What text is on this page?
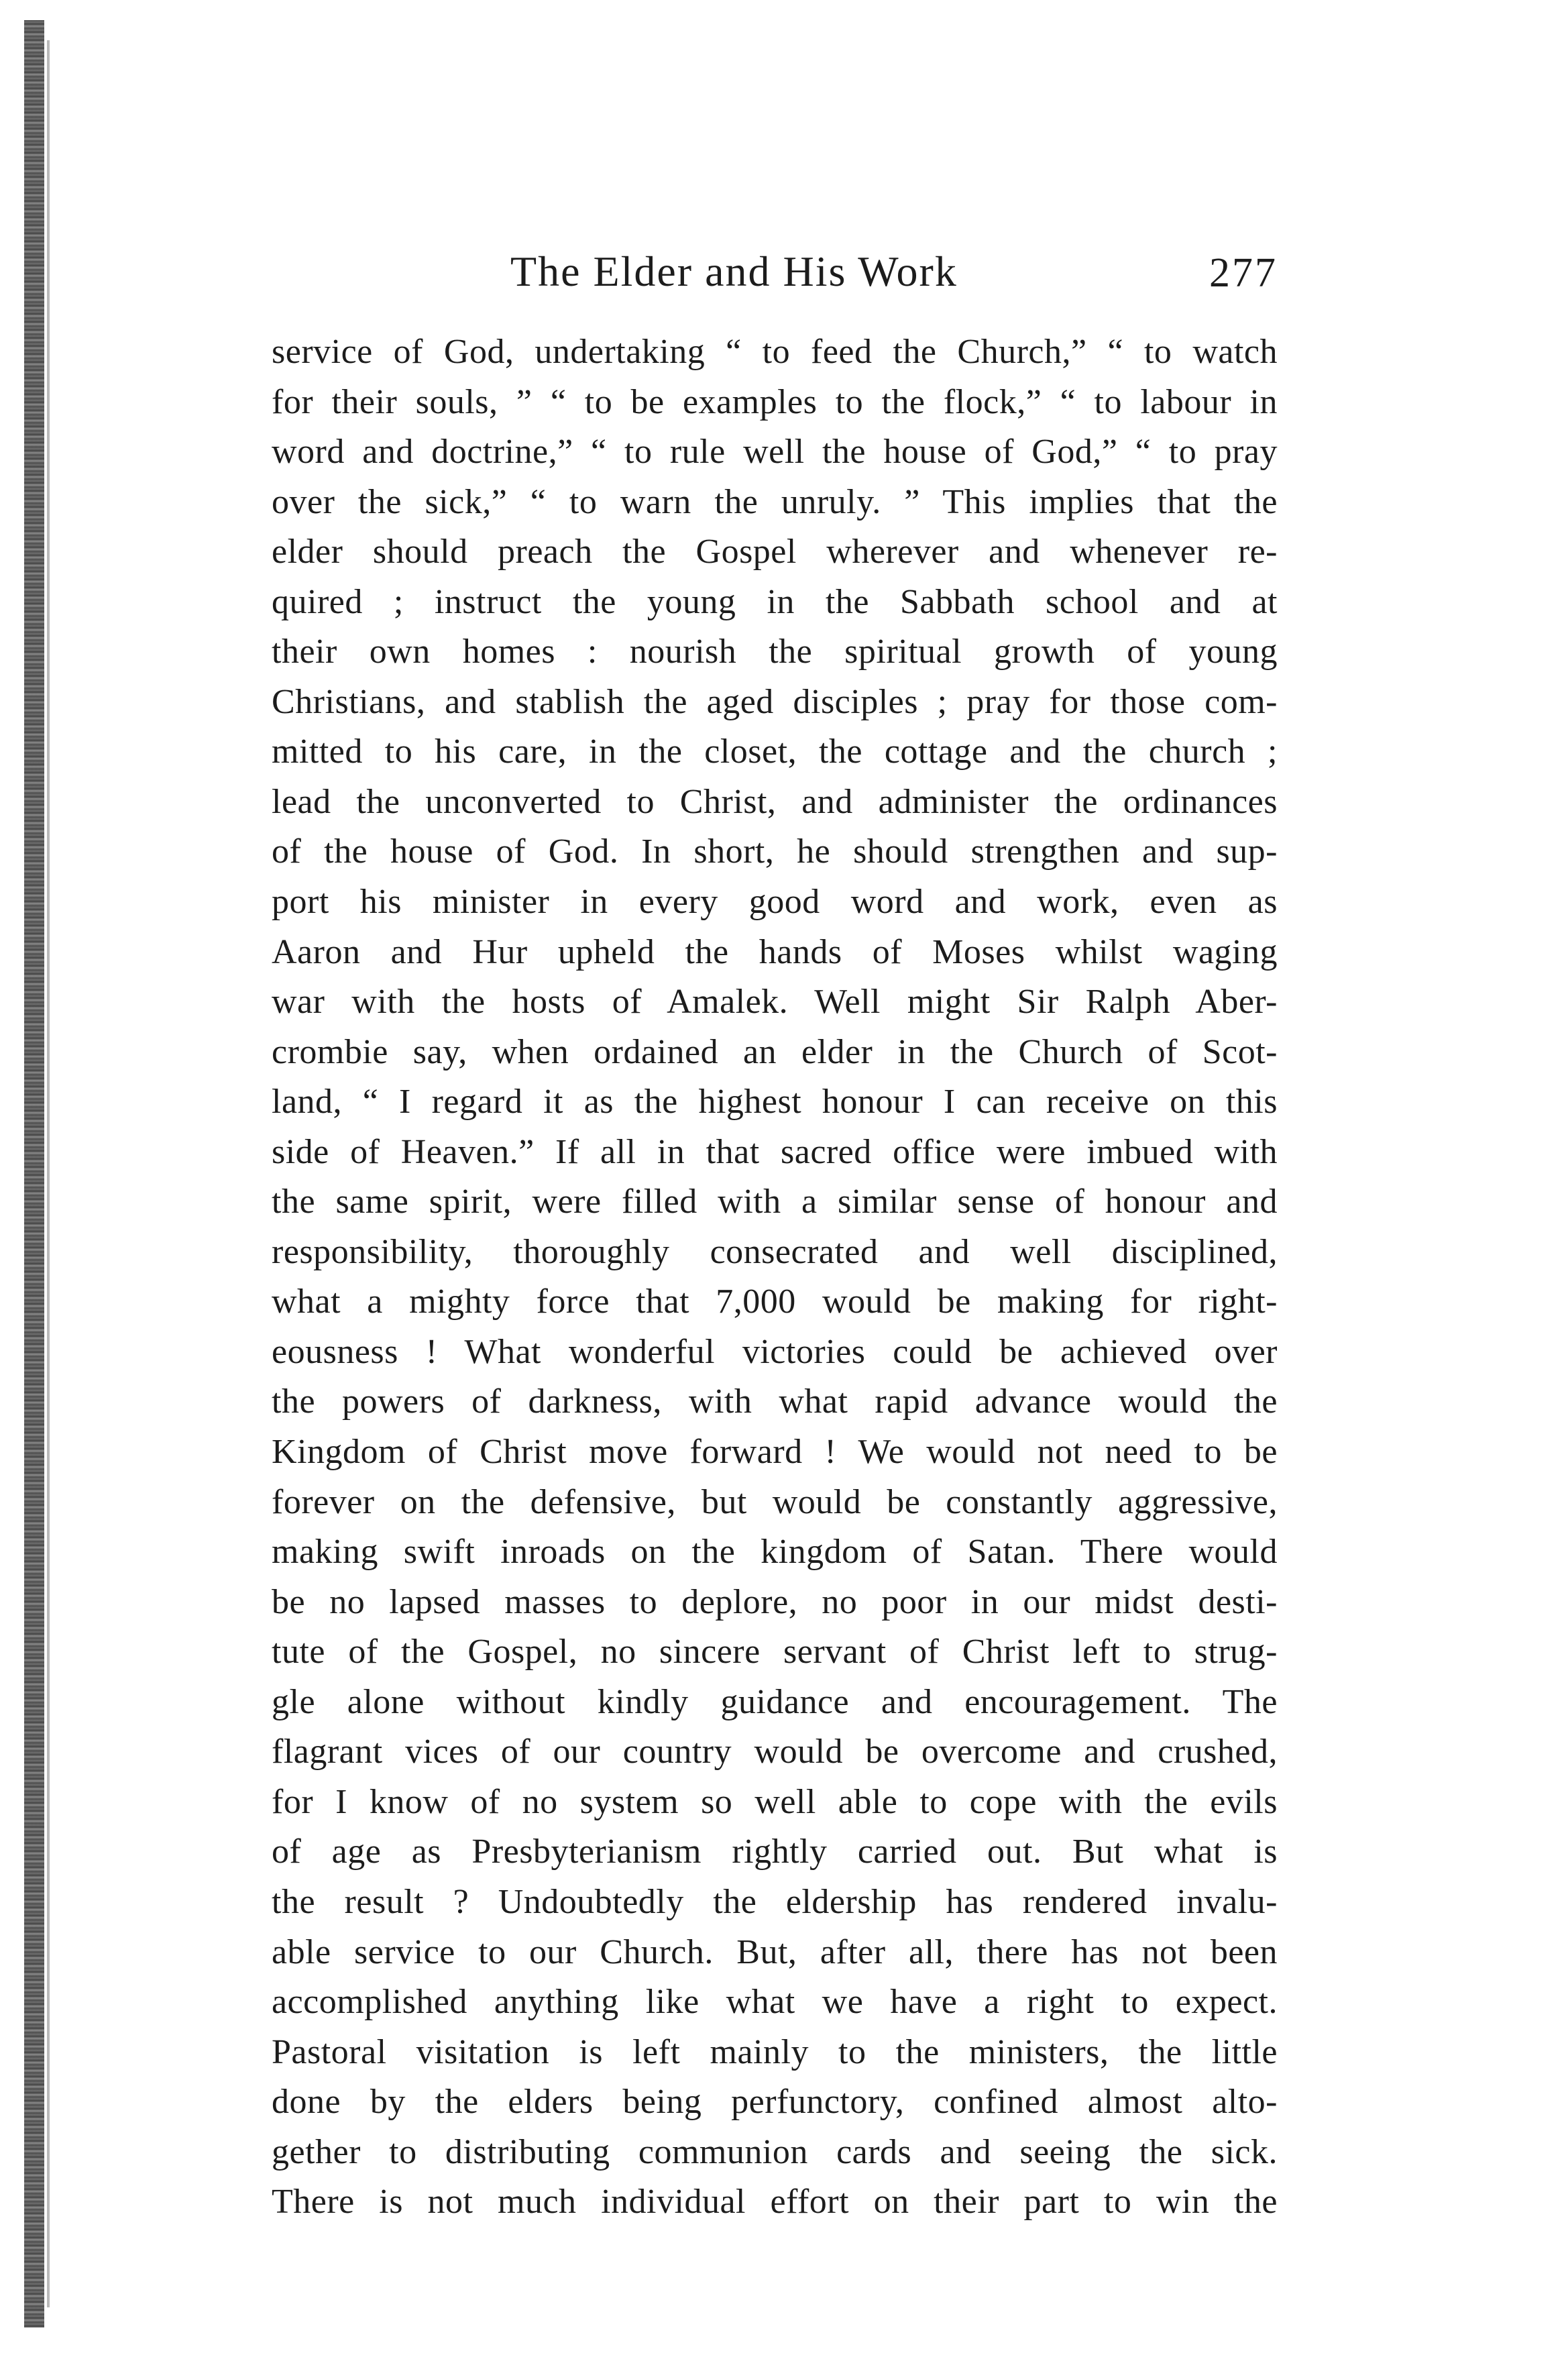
The Elder and His Work	277
service of God, undertaking “ to feed the Church,” “ to watch
for their souls, ” “ to be examples to the flock,” “ to labour in
word and doctrine,” “ to rule well the house of God,” “ to pray
over the sick,” “ to warn the unruly. ” This implies that the
elder should preach the Gospel wherever and whenever re-
quired ; instruct the young in the Sabbath school and at
their own homes : nourish the spiritual growth of young
Christians, and stablish the aged disciples ; pray for those com-
mitted to his care, in the closet, the cottage and the church ;
lead the unconverted to Christ, and administer the ordinances
of the house of God. In short, he should strengthen and sup-
port his minister in every good word and work, even as
Aaron and Hur upheld the hands of Moses whilst waging
war with the hosts of Amalek. Well might Sir Ralph Aber-
crombie say, when ordained an elder in the Church of Scot-
land, “ I regard it as the highest honour I can receive on this
side of Heaven.” If all in that sacred office were imbued with
the same spirit, were filled with a similar sense of honour and
responsibility, thoroughly consecrated and well disciplined,
what a mighty force that 7,000 would be making for right-
eousness ! What wonderful victories could be achieved over
the powers of darkness, with what rapid advance would the
Kingdom of Christ move forward ! We would not need to be
forever on the defensive, but would be constantly aggressive,
making swift inroads on the kingdom of Satan. There would
be no lapsed masses to deplore, no poor in our midst desti-
tute of the Gospel, no sincere servant of Christ left to strug-
gle alone without kindly guidance and encouragement. The
flagrant vices of our country would be overcome and crushed,
for I know of no system so well able to cope with the evils
of age as Presbyterianism rightly carried out. But what is
the result ? Undoubtedly the eldership has rendered invalu-
able service to our Church. But, after all, there has not been
accomplished anything like what we have a right to expect.
Pastoral visitation is left mainly to the ministers, the little
done by the elders being perfunctory, confined almost alto-
gether to distributing communion cards and seeing the sick.
There is not much individual effort on their part to win the
